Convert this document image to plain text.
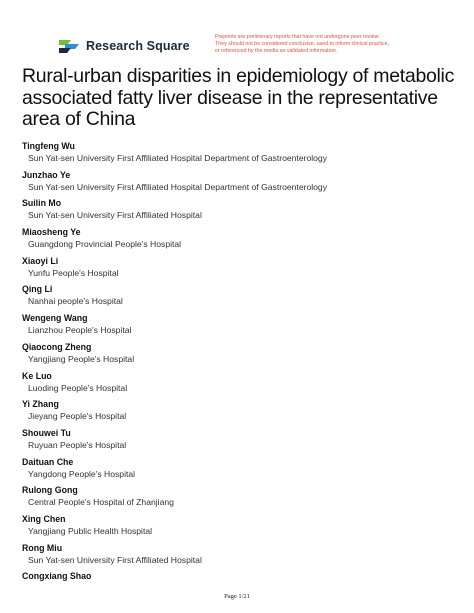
Research Square
Preprints are preliminary reports that have not undergone peer review.
They should not be considered conclusive, used to inform clinical practice,
or referenced by the media as validated information.
Rural-urban disparities in epidemiology of metabolic associated fatty liver disease in the representative area of China
Tingfeng Wu
Sun Yat-sen University First Affiliated Hospital Department of Gastroenterology
Junzhao Ye
Sun Yat-sen University First Affiliated Hospital Department of Gastroenterology
Suilin Mo
Sun Yat-sen University First Affiliated Hospital
Miaosheng Ye
Guangdong Provincial People's Hospital
Xiaoyi Li
Yunfu People's Hospital
Qing Li
Nanhai people's Hospital
Wengeng Wang
Lianzhou People's Hospital
Qiaocong Zheng
Yangjiang People's Hospital
Ke Luo
Luoding People's Hospital
Yi Zhang
Jieyang People's Hospital
Shouwei Tu
Ruyuan People's Hospital
Daituan Che
Yangdong People's Hospital
Rulong Gong
Central People's Hospital of Zhanjiang
Xing Chen
Yangjiang Public Health Hospital
Rong Miu
Sun Yat-sen University First Affiliated Hospital
Congxiang Shao
Page 1/21
